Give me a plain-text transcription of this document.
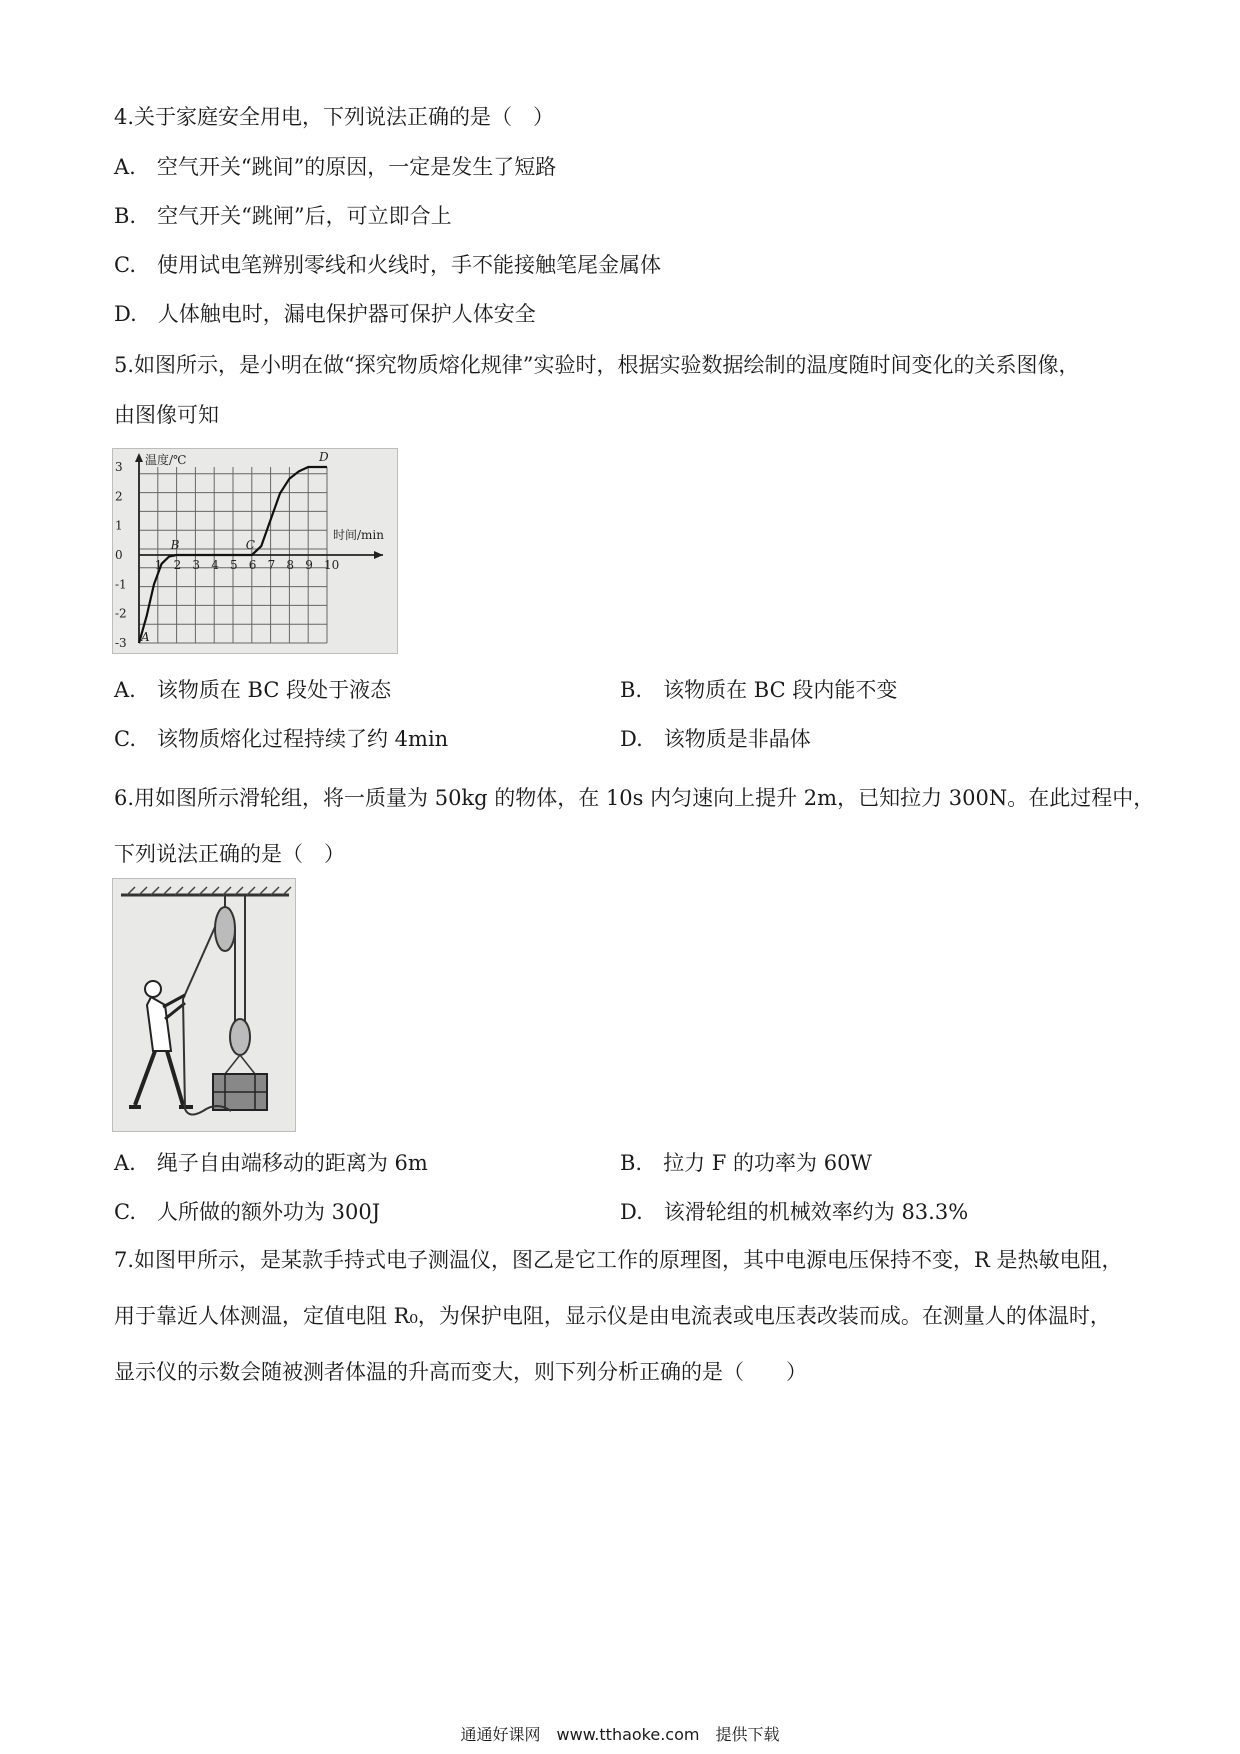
4.关于家庭安全用电，下列说法正确的是（　）
A.　空气开关“跳间”的原因，一定是发生了短路
B.　空气开关“跳闸”后，可立即合上
C.　使用试电笔辨别零线和火线时，手不能接触笔尾金属体
D.　人体触电时，漏电保护器可保护人体安全
5.如图所示，是小明在做“探究物质熔化规律”实验时，根据实验数据绘制的温度随时间变化的关系图像，
由图像可知
温度/℃
时间/min
1 2 3 4 5 6 7 8 9 10
-3
-2
-1
0
1
2
3
A
B	C
D
A.　该物质在 BC 段处于液态	B.　该物质在 BC 段内能不变
C.　该物质熔化过程持续了约 4min	D.　该物质是非晶体
6.用如图所示滑轮组，将一质量为 50kg 的物体，在 10s 内匀速向上提升 2m，已知拉力 300N。在此过程中，
下列说法正确的是（　）
A.　绳子自由端移动的距离为 6m	B.　拉力 F 的功率为 60W
C.　人所做的额外功为 300J	D.　该滑轮组的机械效率约为 83.3%
7.如图甲所示，是某款手持式电子测温仪，图乙是它工作的原理图，其中电源电压保持不变，R 是热敏电阻，
用于靠近人体测温，定值电阻 R₀，为保护电阻，显示仪是由电流表或电压表改装而成。在测量人的体温时，
显示仪的示数会随被测者体温的升高而变大，则下列分析正确的是（　　）
通通好课网　www.tthaoke.com　提供下载
